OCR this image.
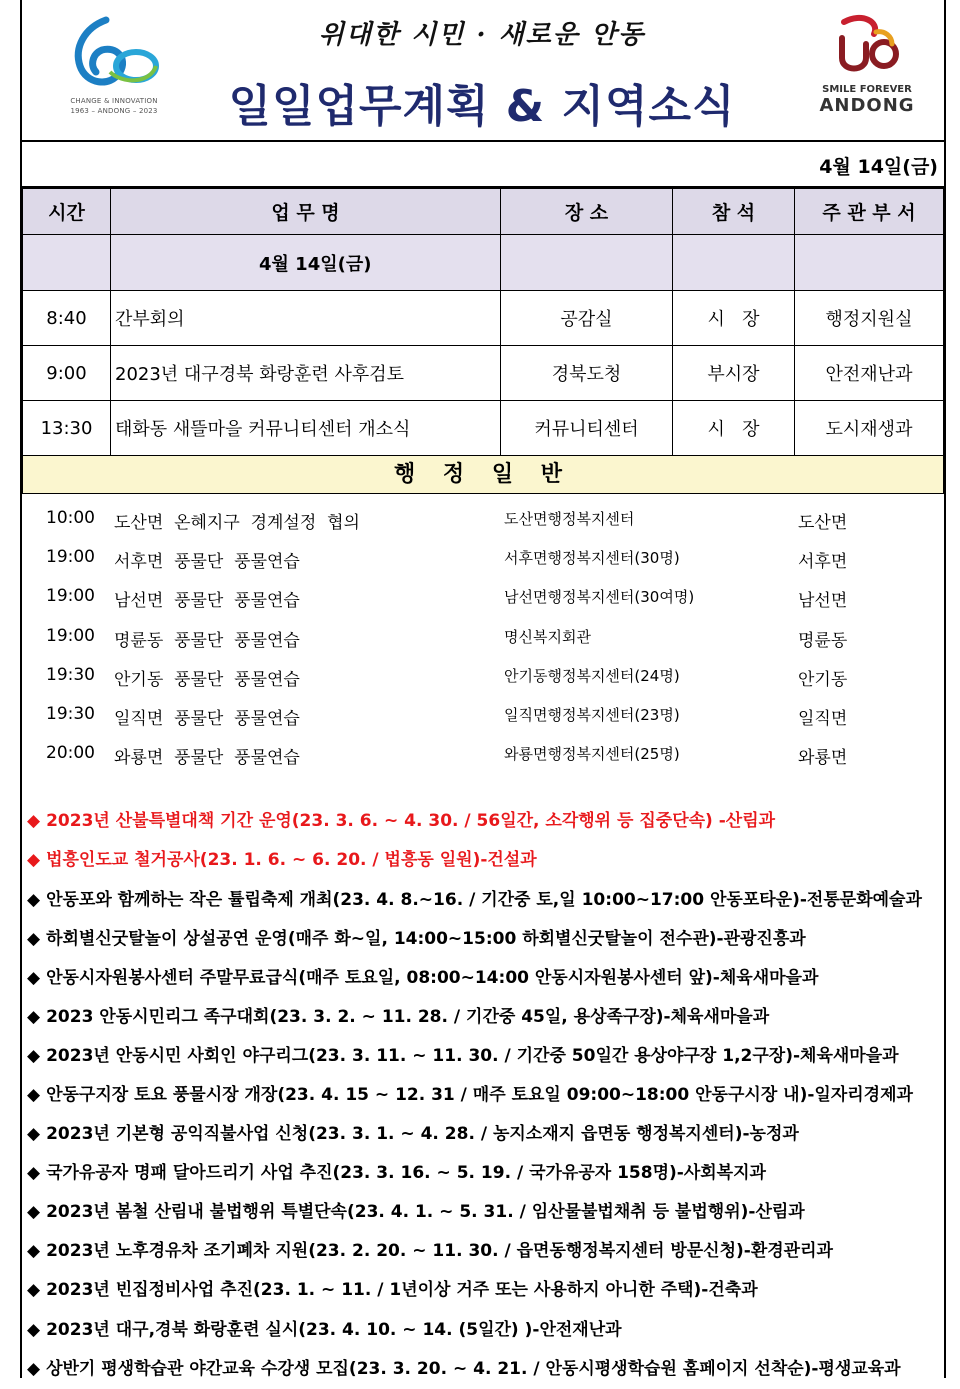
CHANGE & INNOVATION
1963 – ANDONG – 2023
위대한 시민 · 새로운 안동
일일업무계획 & 지역소식	SMILE FOREVER
ANDONG
4월 14일(금)
시간	업 무 명	장 소	참 석	주 관 부 서
	4월 14일(금)			
8:40	간부회의	공감실	시   장	행정지원실
9:00	2023년 대구경북 화랑훈련 사후검토	경북도청	부시장	안전재난과
13:30	태화동 새뜰마을 커뮤니티센터 개소식	커뮤니티센터	시   장	도시재생과
행 정 일 반
10:00 도산면  온혜지구  경계설정  협의	도산면행정복지센터	도산면
19:00 서후면  풍물단  풍물연습	서후면행정복지센터(30명)	서후면
19:00 남선면  풍물단  풍물연습	남선면행정복지센터(30여명)	남선면
19:00 명륜동  풍물단  풍물연습	명신복지회관	명륜동
19:30 안기동  풍물단  풍물연습	안기동행정복지센터(24명)	안기동
19:30 일직면  풍물단  풍물연습	일직면행정복지센터(23명)	일직면
20:00 와룡면  풍물단  풍물연습	와룡면행정복지센터(25명)	와룡면
◆ 2023년 산불특별대책 기간 운영(23. 3. 6. ~ 4. 30. / 56일간, 소각행위 등 집중단속) -산림과
◆ 법흥인도교 철거공사(23. 1. 6. ~ 6. 20. / 법흥동 일원)-건설과
◆ 안동포와 함께하는 작은 튤립축제 개최(23. 4. 8.~16. / 기간중 토,일 10:00~17:00 안동포타운)-전통문화예술과
◆ 하회별신굿탈놀이 상설공연 운영(매주 화~일, 14:00~15:00 하회별신굿탈놀이 전수관)-관광진흥과
◆ 안동시자원봉사센터 주말무료급식(매주 토요일, 08:00~14:00 안동시자원봉사센터 앞)-체육새마을과
◆ 2023 안동시민리그 족구대회(23. 3. 2. ~ 11. 28. / 기간중 45일, 용상족구장)-체육새마을과
◆ 2023년 안동시민 사회인 야구리그(23. 3. 11. ~ 11. 30. / 기간중 50일간 용상야구장 1,2구장)-체육새마을과
◆ 안동구지장 토요 풍물시장 개장(23. 4. 15 ~ 12. 31 / 매주 토요일 09:00~18:00 안동구시장 내)-일자리경제과
◆ 2023년 기본형 공익직불사업 신청(23. 3. 1. ~ 4. 28. / 농지소재지 읍면동 행정복지센터)-농정과
◆ 국가유공자 명패 달아드리기 사업 추진(23. 3. 16. ~ 5. 19. / 국가유공자 158명)-사회복지과
◆ 2023년 봄철 산림내 불법행위 특별단속(23. 4. 1. ~ 5. 31. / 임산물불법채취 등 불법행위)-산림과
◆ 2023년 노후경유차 조기폐차 지원(23. 2. 20. ~ 11. 30. / 읍면동행정복지센터 방문신청)-환경관리과
◆ 2023년 빈집정비사업 추진(23. 1. ~ 11. / 1년이상 거주 또는 사용하지 아니한 주택)-건축과
◆ 2023년 대구,경북 화랑훈련 실시(23. 4. 10. ~ 14. (5일간) )-안전재난과
◆ 상반기 평생학습관 야간교육 수강생 모집(23. 3. 20. ~ 4. 21. / 안동시평생학습원 홈페이지 선착순)-평생교육과
